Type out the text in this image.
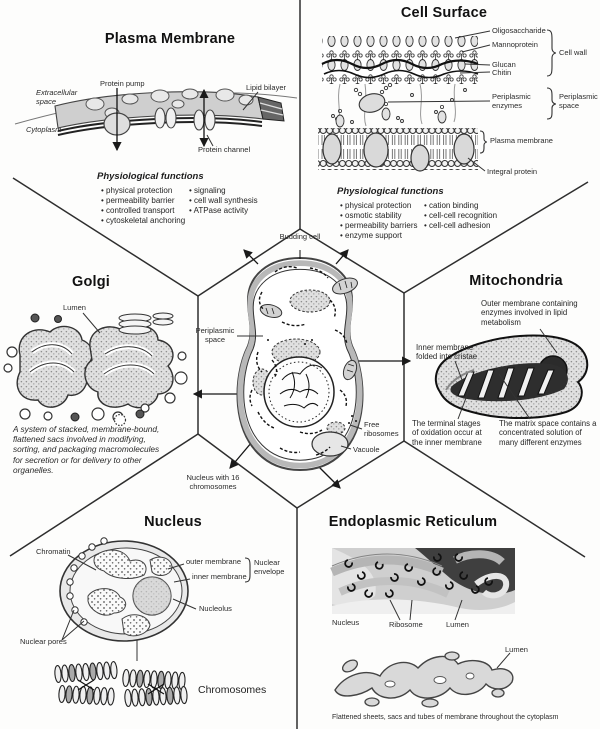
Plasma Membrane
Extracellular space
Cytoplasm
Protein pump	Lipid bilayer
Protein channel
Physiological functions
• physical protection
• permeability barrier
• controlled transport
• cytoskeletal anchoring
• signaling
• cell wall synthesis
• ATPase activity
Cell Surface
Oligosaccharide
Mannoprotein
Glucan
Chitin
Cell wall
Periplasmic enzymes
Periplasmic space
Plasma membrane
Integral protein
Physiological functions
• physical protection
• osmotic stability
• permeability barriers
• enzyme support
• cation binding
• cell-cell recognition
• cell-cell adhesion
Golgi
Lumen
A system of stacked, membrane-bound, flattened sacs involved in modifying, sorting, and packaging macromolecules for secretion or for delivery to other organelles.
Budding cell
Periplasmic space
Free ribosomes
Vacuole
Nucleus with 16 chromosomes
Mitochondria
Outer membrane containing enzymes involved in lipid metabolism
Inner membrane folded into cristae
The terminal stages of oxidation occur at the inner membrane
The matrix space contains a concentrated solution of many different enzymes
Nucleus
Chromatin
outer membrane
inner membrane
Nuclear envelope
Nucleolus
Nuclear pores
Chromosomes
Endoplasmic Reticulum
Nucleus	Ribosome	Lumen
Lumen
Flattened sheets, sacs and tubes of membrane throughout the cytoplasm
